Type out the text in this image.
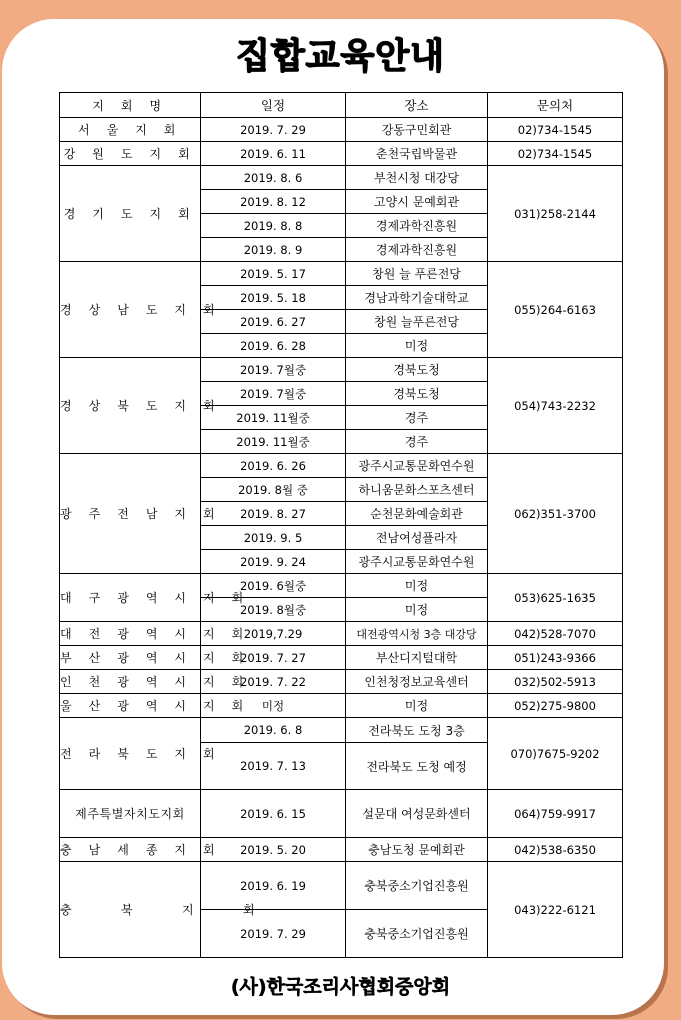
집합교육안내
지 회 명	일정	장소	문의처
서 울 지 회	2019. 7. 29	강동구민회관	02)734-1545
강 원 도 지 회	2019. 6. 11	춘천국립박물관	02)734-1545
경 기 도 지 회	2019. 8. 6	부천시청 대강당	031)258-2144
	2019. 8. 12	고양시 문예회관	
	2019. 8. 8	경제과학진흥원	
	2019. 8. 9	경제과학진흥원	
경 상 남 도 지 회	2019. 5. 17	창원 늘 푸른전당	055)264-6163
	2019. 5. 18	경남과학기술대학교	
	2019. 6. 27	창원 늘푸른전당	
	2019. 6. 28	미정	
경 상 북 도 지 회	2019. 7월중	경북도청	054)743-2232
	2019. 7월중	경북도청	
	2019. 11월중	경주	
	2019. 11월중	경주	
광 주 전 남 지 회	2019. 6. 26	광주시교통문화연수원	062)351-3700
	2019. 8월 중	하니움문화스포츠센터	
	2019. 8. 27	순천문화예술회관	
	2019. 9. 5	전남여성플라자	
	2019. 9. 24	광주시교통문화연수원	
대 구 광 역 시 지 회	2019. 6월중	미정	053)625-1635
	2019. 8월중	미정	
대 전 광 역 시 지 회	2019,7.29	대전광역시청 3층 대강당	042)528-7070
부 산 광 역 시 지 회	2019. 7. 27	부산디지털대학	051)243-9366
인 천 광 역 시 지 회	2019. 7. 22	인천청정보교육센터	032)502-5913
울 산 광 역 시 지 회	미정	미정	052)275-9800
전 라 북 도 지 회	2019. 6. 8	전라북도 도청 3층	070)7675-9202
	2019. 7. 13	전라북도 도청 예정	
제주특별자치도지회	2019. 6. 15	설문대 여성문화센터	064)759-9917
충 남 세 종 지 회	2019. 5. 20	충남도청 문예회관	042)538-6350
충 북 지 회	2019. 6. 19	충북중소기업진흥원	043)222-6121
	2019. 7. 29	충북중소기업진흥원	
(사)한국조리사협회중앙회
